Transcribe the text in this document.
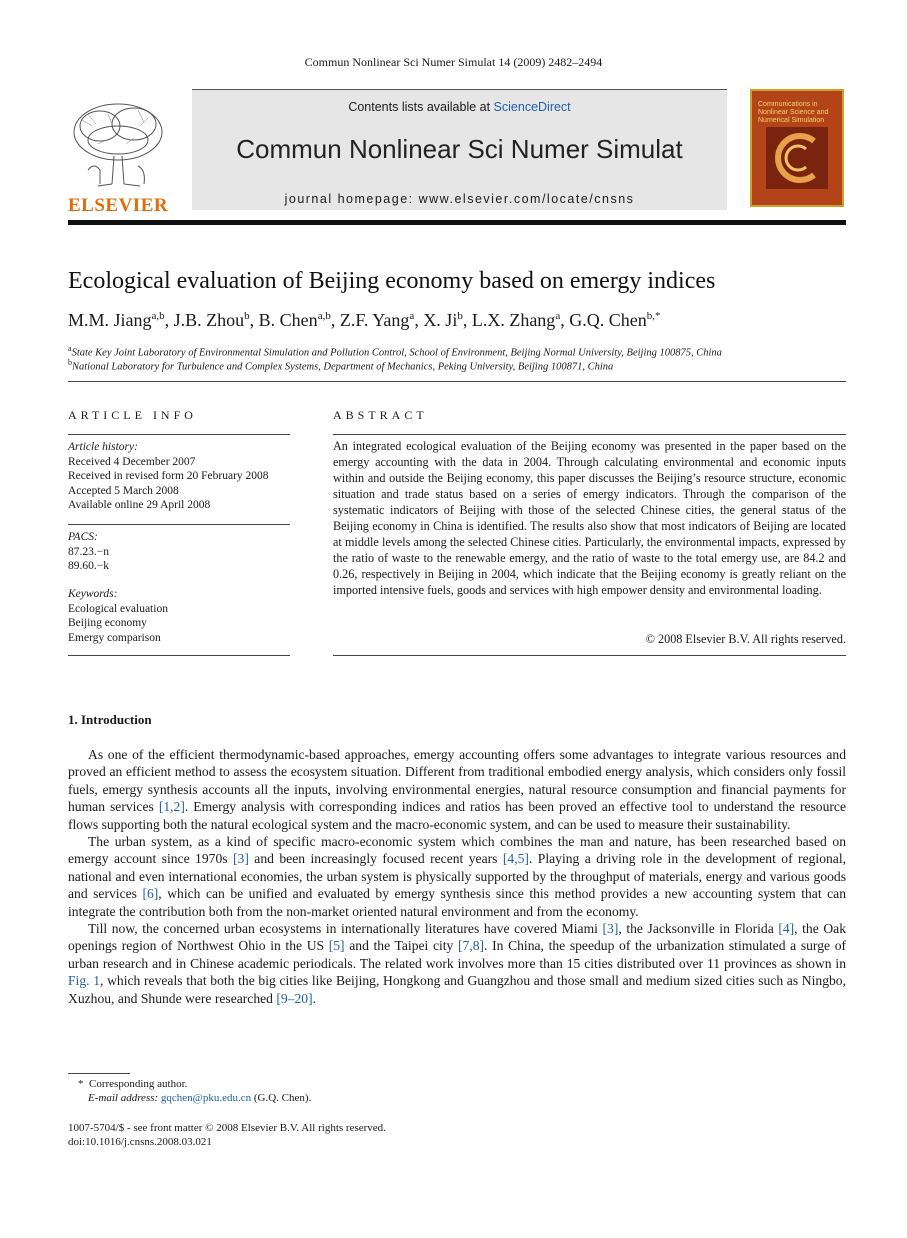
Commun Nonlinear Sci Numer Simulat 14 (2009) 2482–2494
ELSEVIER
Contents lists available at ScienceDirect
Commun Nonlinear Sci Numer Simulat
journal homepage: www.elsevier.com/locate/cnsns
Communications in Nonlinear Science and Numerical Simulation
Ecological evaluation of Beijing economy based on emergy indices
M.M. Jiang$^{a,b}$, J.B. Zhou$^b$, B. Chen$^{a,b}$, Z.F. Yang$^a$, X. Ji$^b$, L.X. Zhang$^a$, G.Q. Chen$^{b,*}$
$^a$State Key Joint Laboratory of Environmental Simulation and Pollution Control, School of Environment, Beijing Normal University, Beijing 100875, China
$^b$National Laboratory for Turbulence and Complex Systems, Department of Mechanics, Peking University, Beijing 100871, China
ARTICLE INFO
Article history:
Received 4 December 2007
Received in revised form 20 February 2008
Accepted 5 March 2008
Available online 29 April 2008
PACS:
87.23.−n
89.60.−k
Keywords:
Ecological evaluation
Beijing economy
Emergy comparison
ABSTRACT
An integrated ecological evaluation of the Beijing economy was presented in the paper based on the emergy accounting with the data in 2004. Through calculating environmental and economic inputs within and outside the Beijing economy, this paper discusses the Beijing’s resource structure, economic situation and trade status based on a series of emergy indicators. Through the comparison of the systematic indicators of Beijing with those of the selected Chinese cities, the general status of the Beijing economy in China is identified. The results also show that most indicators of Beijing are located at middle levels among the selected Chinese cities. Particularly, the environmental impacts, expressed by the ratio of waste to the renewable emergy, and the ratio of waste to the total emergy use, are 84.2 and 0.26, respectively in Beijing in 2004, which indicate that the Beijing economy is greatly reliant on the imported intensive fuels, goods and services with high empower density and environmental loading.
© 2008 Elsevier B.V. All rights reserved.
1. Introduction

As one of the efficient thermodynamic-based approaches, emergy accounting offers some advantages to integrate various resources and proved an efficient method to assess the ecosystem situation. Different from traditional embodied energy analysis, which considers only fossil fuels, emergy synthesis accounts all the inputs, involving environmental energies, natural resource consumption and financial payments for human services [1,2]. Emergy analysis with corresponding indices and ratios has been proved an effective tool to understand the resource flows supporting both the natural ecological system and the macro-economic system, and can be used to measure their sustainability.

The urban system, as a kind of specific macro-economic system which combines the man and nature, has been researched based on emergy account since 1970s [3] and been increasingly focused recent years [4,5]. Playing a driving role in the development of regional, national and even international economies, the urban system is physically supported by the throughput of materials, energy and various goods and services [6], which can be unified and evaluated by emergy synthesis since this method provides a new accounting system that can integrate the contribution both from the non-market oriented natural environment and from the economy.

Till now, the concerned urban ecosystems in internationally literatures have covered Miami [3], the Jacksonville in Florida [4], the Oak openings region of Northwest Ohio in the US [5] and the Taipei city [7,8]. In China, the speedup of the urbanization stimulated a surge of urban research and in Chinese academic periodicals. The related work involves more than 15 cities distributed over 11 provinces as shown in Fig. 1, which reveals that both the big cities like Beijing, Hongkong and Guangzhou and those small and medium sized cities such as Ningbo, Xuzhou, and Shunde were researched [9–20].

* Corresponding author.
E-mail address: gqchen@pku.edu.cn (G.Q. Chen).
1007-5704/$ - see front matter © 2008 Elsevier B.V. All rights reserved.
doi:10.1016/j.cnsns.2008.03.021
